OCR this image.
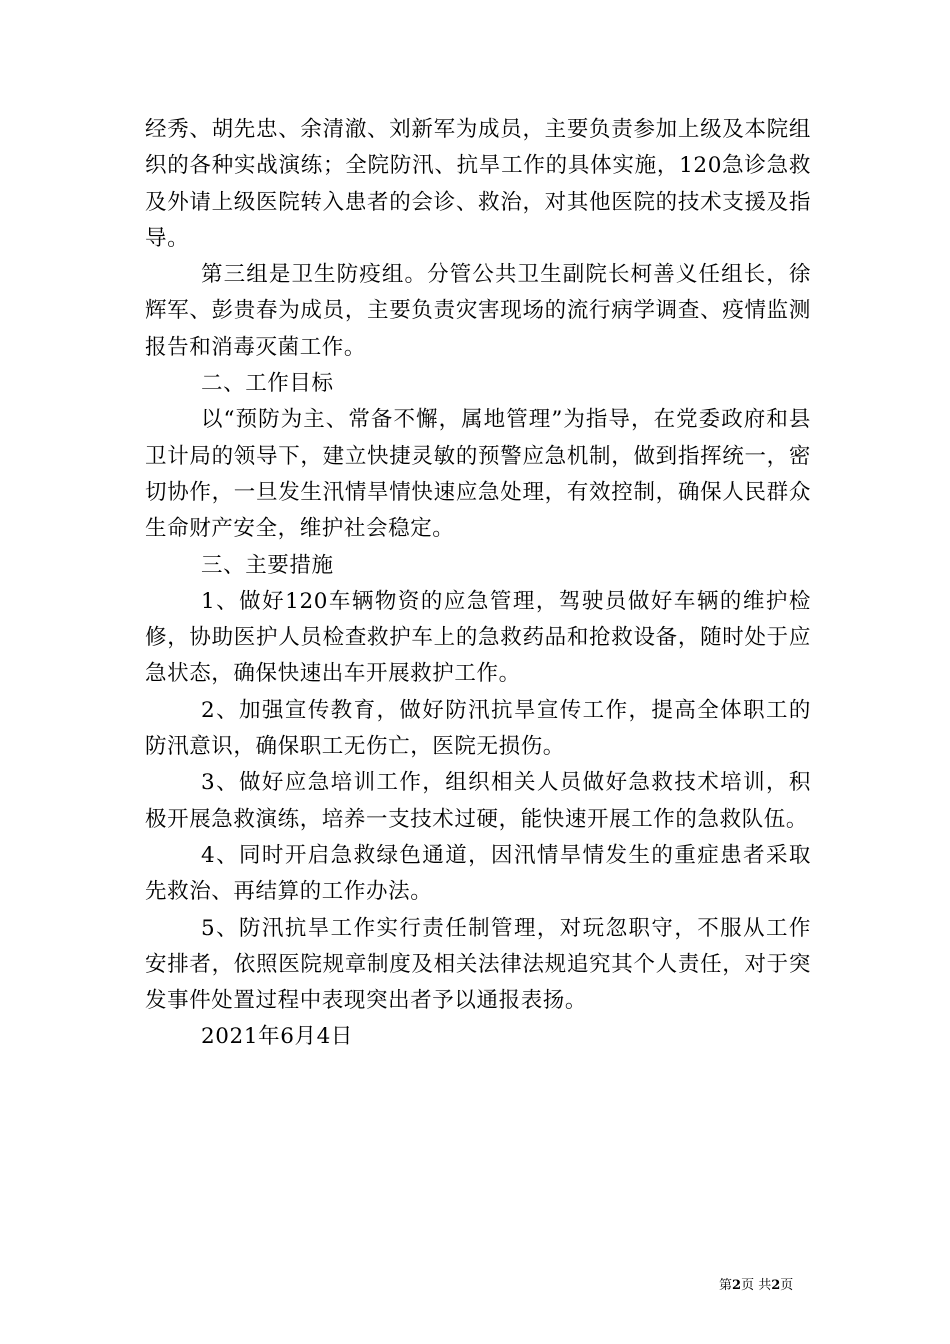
经秀、胡先忠、余清澈、刘新军为成员，主要负责参加上级及本院组织的各种实战演练；全院防汛、抗旱工作的具体实施，120急诊急救及外请上级医院转入患者的会诊、救治，对其他医院的技术支援及指导。

第三组是卫生防疫组。分管公共卫生副院长柯善义任组长，徐辉军、彭贵春为成员，主要负责灾害现场的流行病学调查、疫情监测报告和消毒灭菌工作。

二、工作目标

以“预防为主、常备不懈，属地管理”为指导，在党委政府和县卫计局的领导下，建立快捷灵敏的预警应急机制，做到指挥统一，密切协作，一旦发生汛情旱情快速应急处理，有效控制，确保人民群众生命财产安全，维护社会稳定。

三、主要措施

1、做好120车辆物资的应急管理，驾驶员做好车辆的维护检修，协助医护人员检查救护车上的急救药品和抢救设备，随时处于应急状态，确保快速出车开展救护工作。

2、加强宣传教育，做好防汛抗旱宣传工作，提高全体职工的防汛意识，确保职工无伤亡，医院无损伤。

3、做好应急培训工作，组织相关人员做好急救技术培训，积极开展急救演练，培养一支技术过硬，能快速开展工作的急救队伍。

4、同时开启急救绿色通道，因汛情旱情发生的重症患者采取先救治、再结算的工作办法。

5、防汛抗旱工作实行责任制管理，对玩忽职守，不服从工作安排者，依照医院规章制度及相关法律法规追究其个人责任，对于突发事件处置过程中表现突出者予以通报表扬。

2021年6月4日

第2页 共2页
